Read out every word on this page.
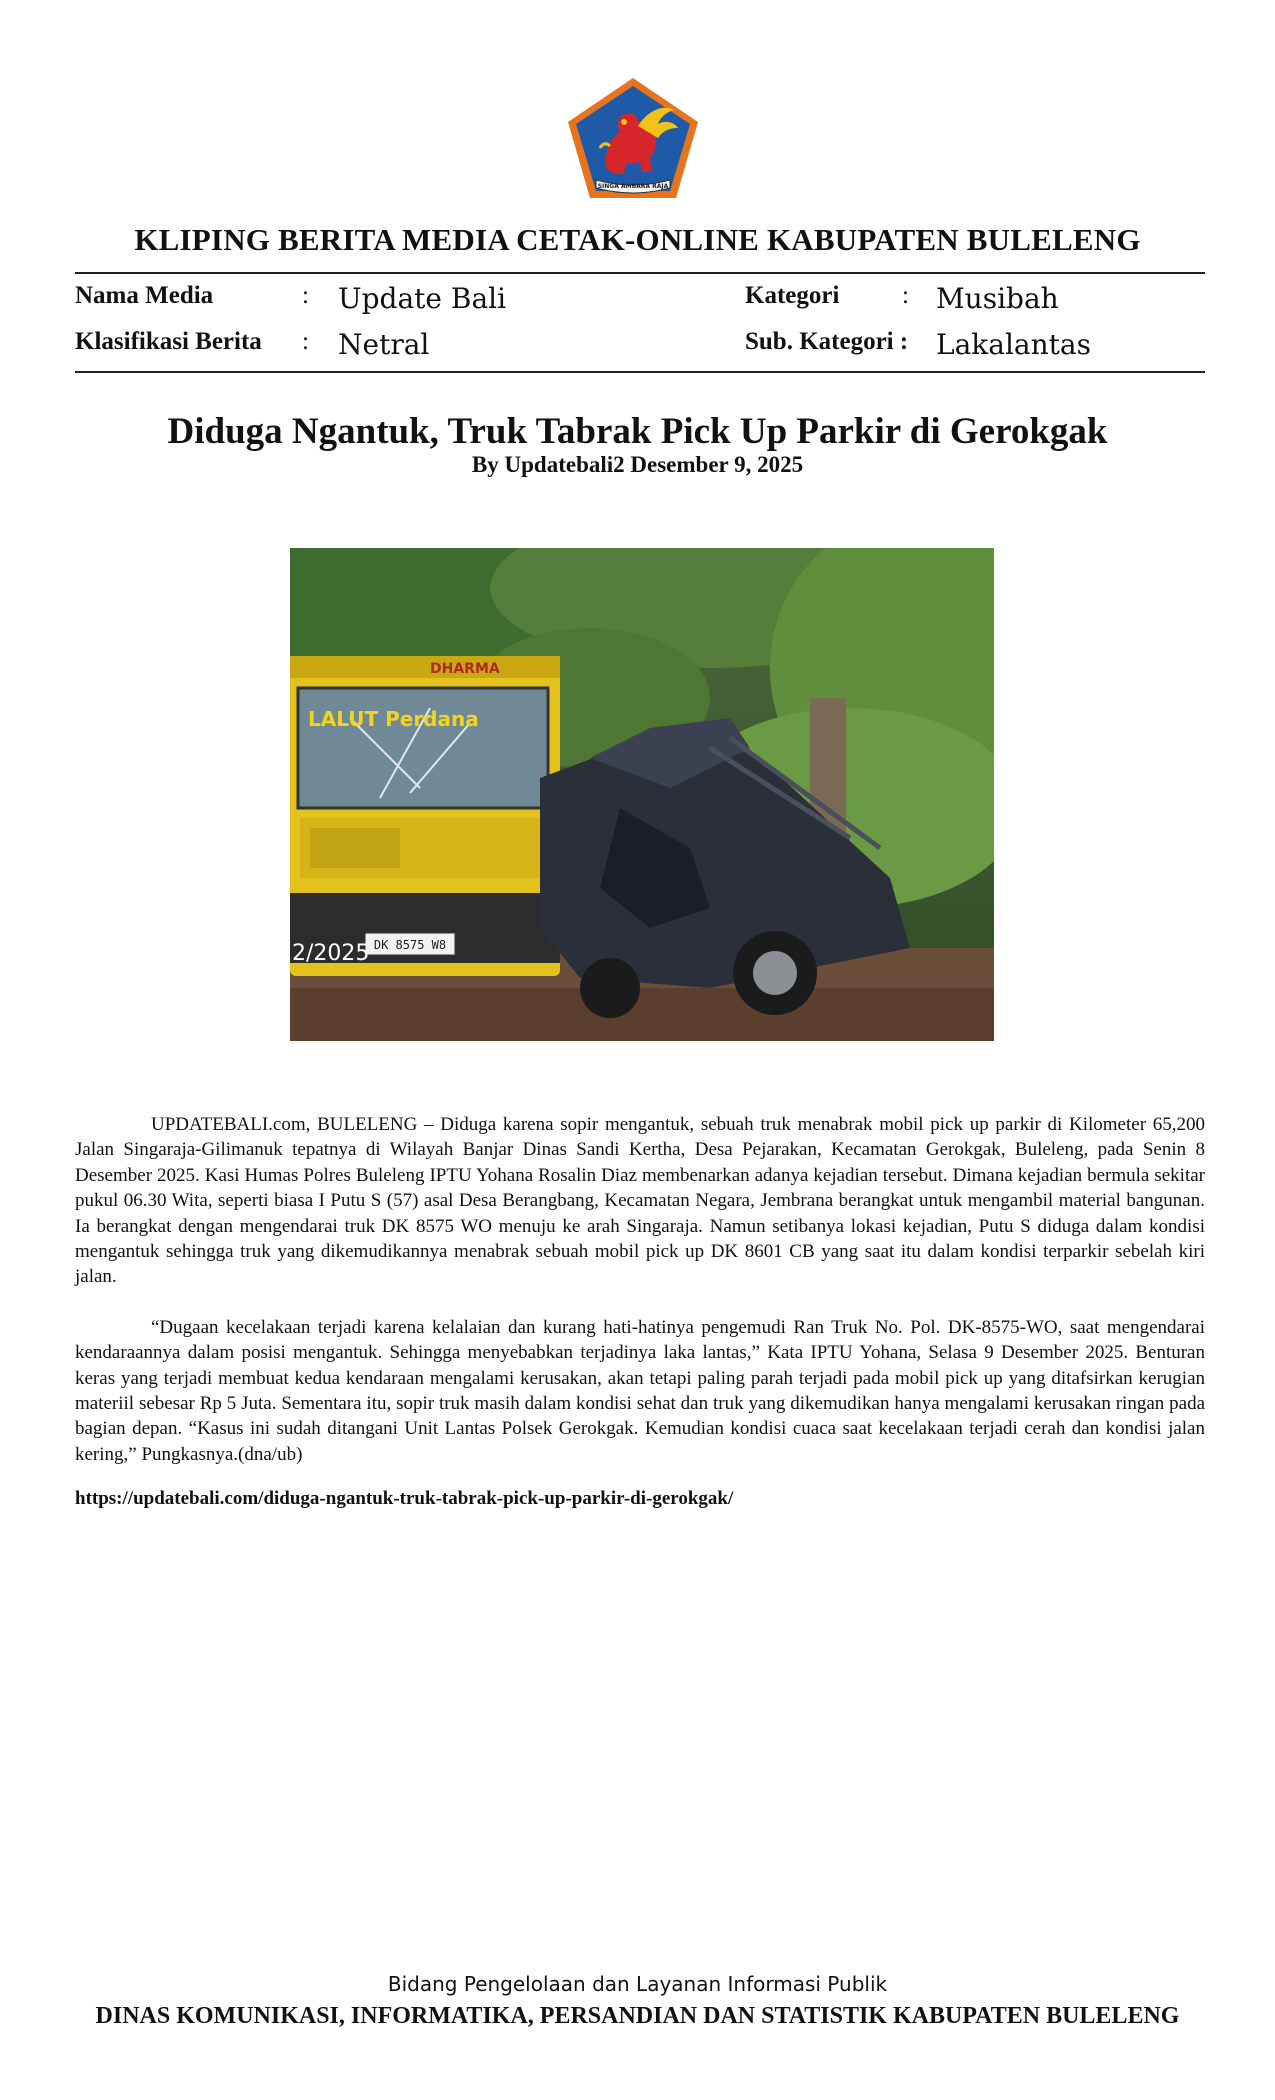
SINGA AMBARA RAJA
KLIPING BERITA MEDIA CETAK-ONLINE KABUPATEN BULELENG
Nama Media	: Update Bali	Kategori	: Musibah
Klasifikasi Berita : Netral	Sub. Kategori : Lakalantas
Diduga Ngantuk, Truk Tabrak Pick Up Parkir di Gerokgak
By Updatebali2 Desember 9, 2025
DHARMA
LALUT Perdana
DK 8575 W8
2/2025

UPDATEBALI.com, BULELENG – Diduga karena sopir mengantuk, sebuah truk menabrak mobil pick up parkir di Kilometer 65,200 Jalan Singaraja-Gilimanuk tepatnya di Wilayah Banjar Dinas Sandi Kertha, Desa Pejarakan, Kecamatan Gerokgak, Buleleng, pada Senin 8 Desember 2025. Kasi Humas Polres Buleleng IPTU Yohana Rosalin Diaz membenarkan adanya kejadian tersebut. Dimana kejadian bermula sekitar pukul 06.30 Wita, seperti biasa I Putu S (57) asal Desa Berangbang, Kecamatan Negara, Jembrana berangkat untuk mengambil material bangunan. Ia berangkat dengan mengendarai truk DK 8575 WO menuju ke arah Singaraja. Namun setibanya lokasi kejadian, Putu S diduga dalam kondisi mengantuk sehingga truk yang dikemudikannya menabrak sebuah mobil pick up DK 8601 CB yang saat itu dalam kondisi terparkir sebelah kiri jalan.

“Dugaan kecelakaan terjadi karena kelalaian dan kurang hati-hatinya pengemudi Ran Truk No. Pol. DK-8575-WO, saat mengendarai kendaraannya dalam posisi mengantuk. Sehingga menyebabkan terjadinya laka lantas,” Kata IPTU Yohana, Selasa 9 Desember 2025. Benturan keras yang terjadi membuat kedua kendaraan mengalami kerusakan, akan tetapi paling parah terjadi pada mobil pick up yang ditafsirkan kerugian materiil sebesar Rp 5 Juta. Sementara itu, sopir truk masih dalam kondisi sehat dan truk yang dikemudikan hanya mengalami kerusakan ringan pada bagian depan. “Kasus ini sudah ditangani Unit Lantas Polsek Gerokgak. Kemudian kondisi cuaca saat kecelakaan terjadi cerah dan kondisi jalan kering,” Pungkasnya.(dna/ub)

https://updatebali.com/diduga-ngantuk-truk-tabrak-pick-up-parkir-di-gerokgak/
Bidang Pengelolaan dan Layanan Informasi Publik
DINAS KOMUNIKASI, INFORMATIKA, PERSANDIAN DAN STATISTIK KABUPATEN BULELENG
